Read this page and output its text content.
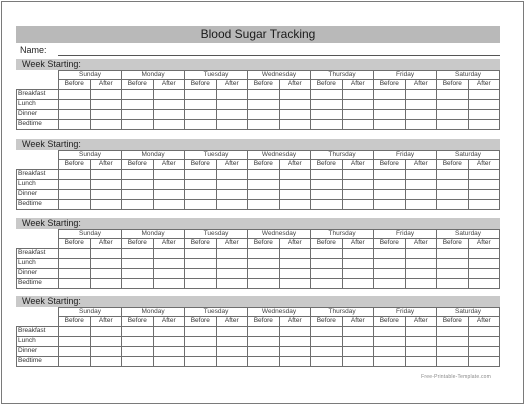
Blood Sugar Tracking
Name:
Week Starting:
	Sunday		Monday		Tuesday		Wednesday		Thursday		Friday		Saturday	
	Before	After	Before	After	Before	After	Before	After	Before	After	Before	After	Before	After
Breakfast														
Lunch														
Dinner														
Bedtime														
Week Starting:
	Sunday		Monday		Tuesday		Wednesday		Thursday		Friday		Saturday	
	Before	After	Before	After	Before	After	Before	After	Before	After	Before	After	Before	After
Breakfast														
Lunch														
Dinner														
Bedtime														
Week Starting:
	Sunday		Monday		Tuesday		Wednesday		Thursday		Friday		Saturday	
	Before	After	Before	After	Before	After	Before	After	Before	After	Before	After	Before	After
Breakfast														
Lunch														
Dinner														
Bedtime														
Week Starting:
	Sunday		Monday		Tuesday		Wednesday		Thursday		Friday		Saturday	
	Before	After	Before	After	Before	After	Before	After	Before	After	Before	After	Before	After
Breakfast														
Lunch														
Dinner														
Bedtime														
Free-Printable-Template.com
